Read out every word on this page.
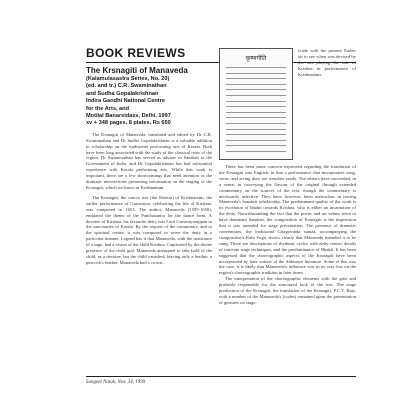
BOOK REVIEWS
The Krsnagiti of Manaveda
(Kalamulasastra Series, No. 20)
(ed. and tr.) C.R. Swaminathan
and Sudha Gopalakrishnan
Indira Gandhi National Centre
for the Arts, and
Motilal Banarsidass, Delhi, 1997
xv + 348 pages, 8 plates, Rs 650

The Krsnagiti of Manaveda, translated and edited by Dr C.R. Swaminathan and Dr Sudha Gopalakrishnan is a valuable addition to scholarship on the traditional performing arts of Kerala. Both have been long associated with the study of the classical texts of the region. Dr Swaminathan has served as adviser in Sanskrit to the Government of India, and Dr Gopalakrishnan has had substantial experience with Kerala performing arts. While this work is important, there are a few shortcomings that need attention as the dramatic intersections presenting information on the staging of the Krsnagiti, which we know as Krishnattam.

The Krsnagiti, the source text (the libretto) of Krishnattam, the earlier performance of Guruvayur, celebrating the life of Krishna, was composed in 1653. The author, Manaveda (1595-1658), emulated the theme of the Panchatantra for the dance form. A devotee of Krishna, his favourite deity was Lord Guruvayurappan in the sanctuaries of Kerala. By the request of the community, and to the spiritual centre, it was composed to serve the deity in a particular manner. Legend has it that Manaveda, with the assistance of a sage, had a vision of the child Krishna. Captivated by the divine presence of the child god, Manaveda attempted to take hold of the child, as a devotee, but the child vanished, leaving only a feather, a peacock's feather. Manaveda had a crown...

कृष्णगीति

fcade with the present Euder, on to see when was devised by the arts playing the role of Krishna in performance of Krishnattam.

There has been some concern expressed regarding the translation of the Krsnagiti into English, in that a performance that incorporates song, verse, and acting does not translate easily. The editors have succeeded, in a sense, in conveying the flavour of the original through extended commentary on the sources of the text, though the commentary is necessarily selective. They have, however, been meticulous in tracing Manaveda's Sanskrit scholarship. The predominant quality of the work is its evocation of bhakti towards Krishna, who is either an incarnation of the deity. Notwithstanding the fact that the poetic and art values seem to have dominant Sanskrit, the composition of Krsnagiti is the impression that it was intended for stage presentation. The presence of dramatic conventions, the traditional Gitagovinda stanza, accompanying the composition's Kalu Yoga, shows clearly that Manaveda intended it to be sung. There are descriptions of rhythmic cycles with deity-centric details of intricate stage techniques, and the predominance of Bhakti. It has been suggested that the choreographic aspects of the Krsnagiti have been incorporated by later writers of the Abhinaya literature. Some of this was the case, it is likely that Manaveda's influence was in no way lost on the region's choreographic tradition in later times.

The interpretation of the choreographic elements with the gitis and probably responsible for the structured look of the text. The stage production of the Krsnagiti, the translation of the Krsnagiti, P.C.V. Raja, with a number of the Manaveda's (codes) remained upon the presentation of gestures on stage.

Sangeet Natak, Nos. 34, 1999
